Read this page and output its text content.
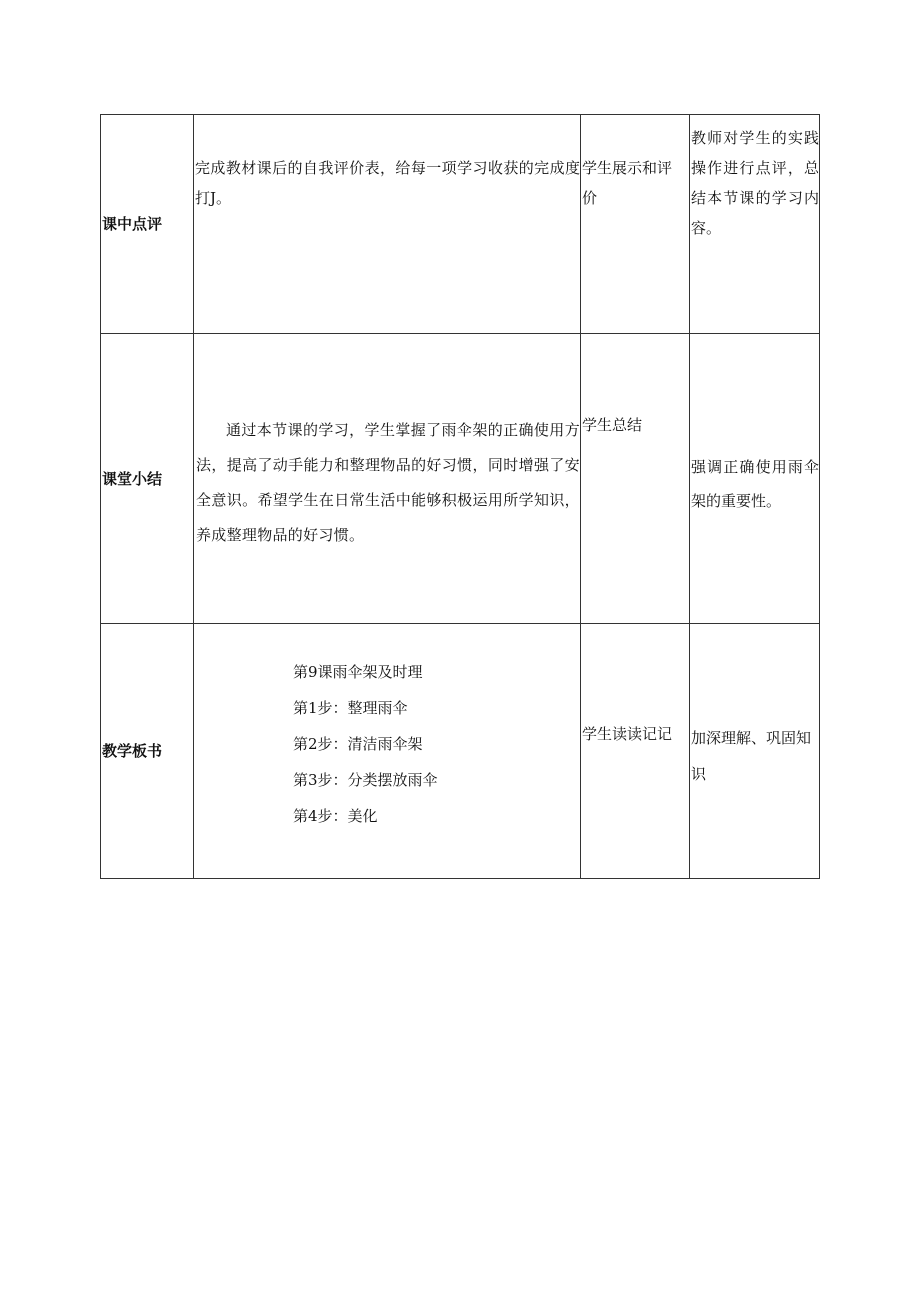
课中点评	完成教材课后的自我评价表，给每一项学习收获的完成度打J。	学生展示和评价	教师对学生的实践操作进行点评，总结本节课的学习内容。

课堂小结	通过本节课的学习，学生掌握了雨伞架的正确使用方法，提高了动手能力和整理物品的好习惯，同时增强了安全意识。希望学生在日常生活中能够积极运用所学知识，养成整理物品的好习惯。	学生总结	强调正确使用雨伞架的重要性。

教学板书	第9课雨伞架及时理
第1步：整理雨伞
第2步：清洁雨伞架
第3步：分类摆放雨伞
第4步：美化	学生读读记记	加深理解、巩固知识
